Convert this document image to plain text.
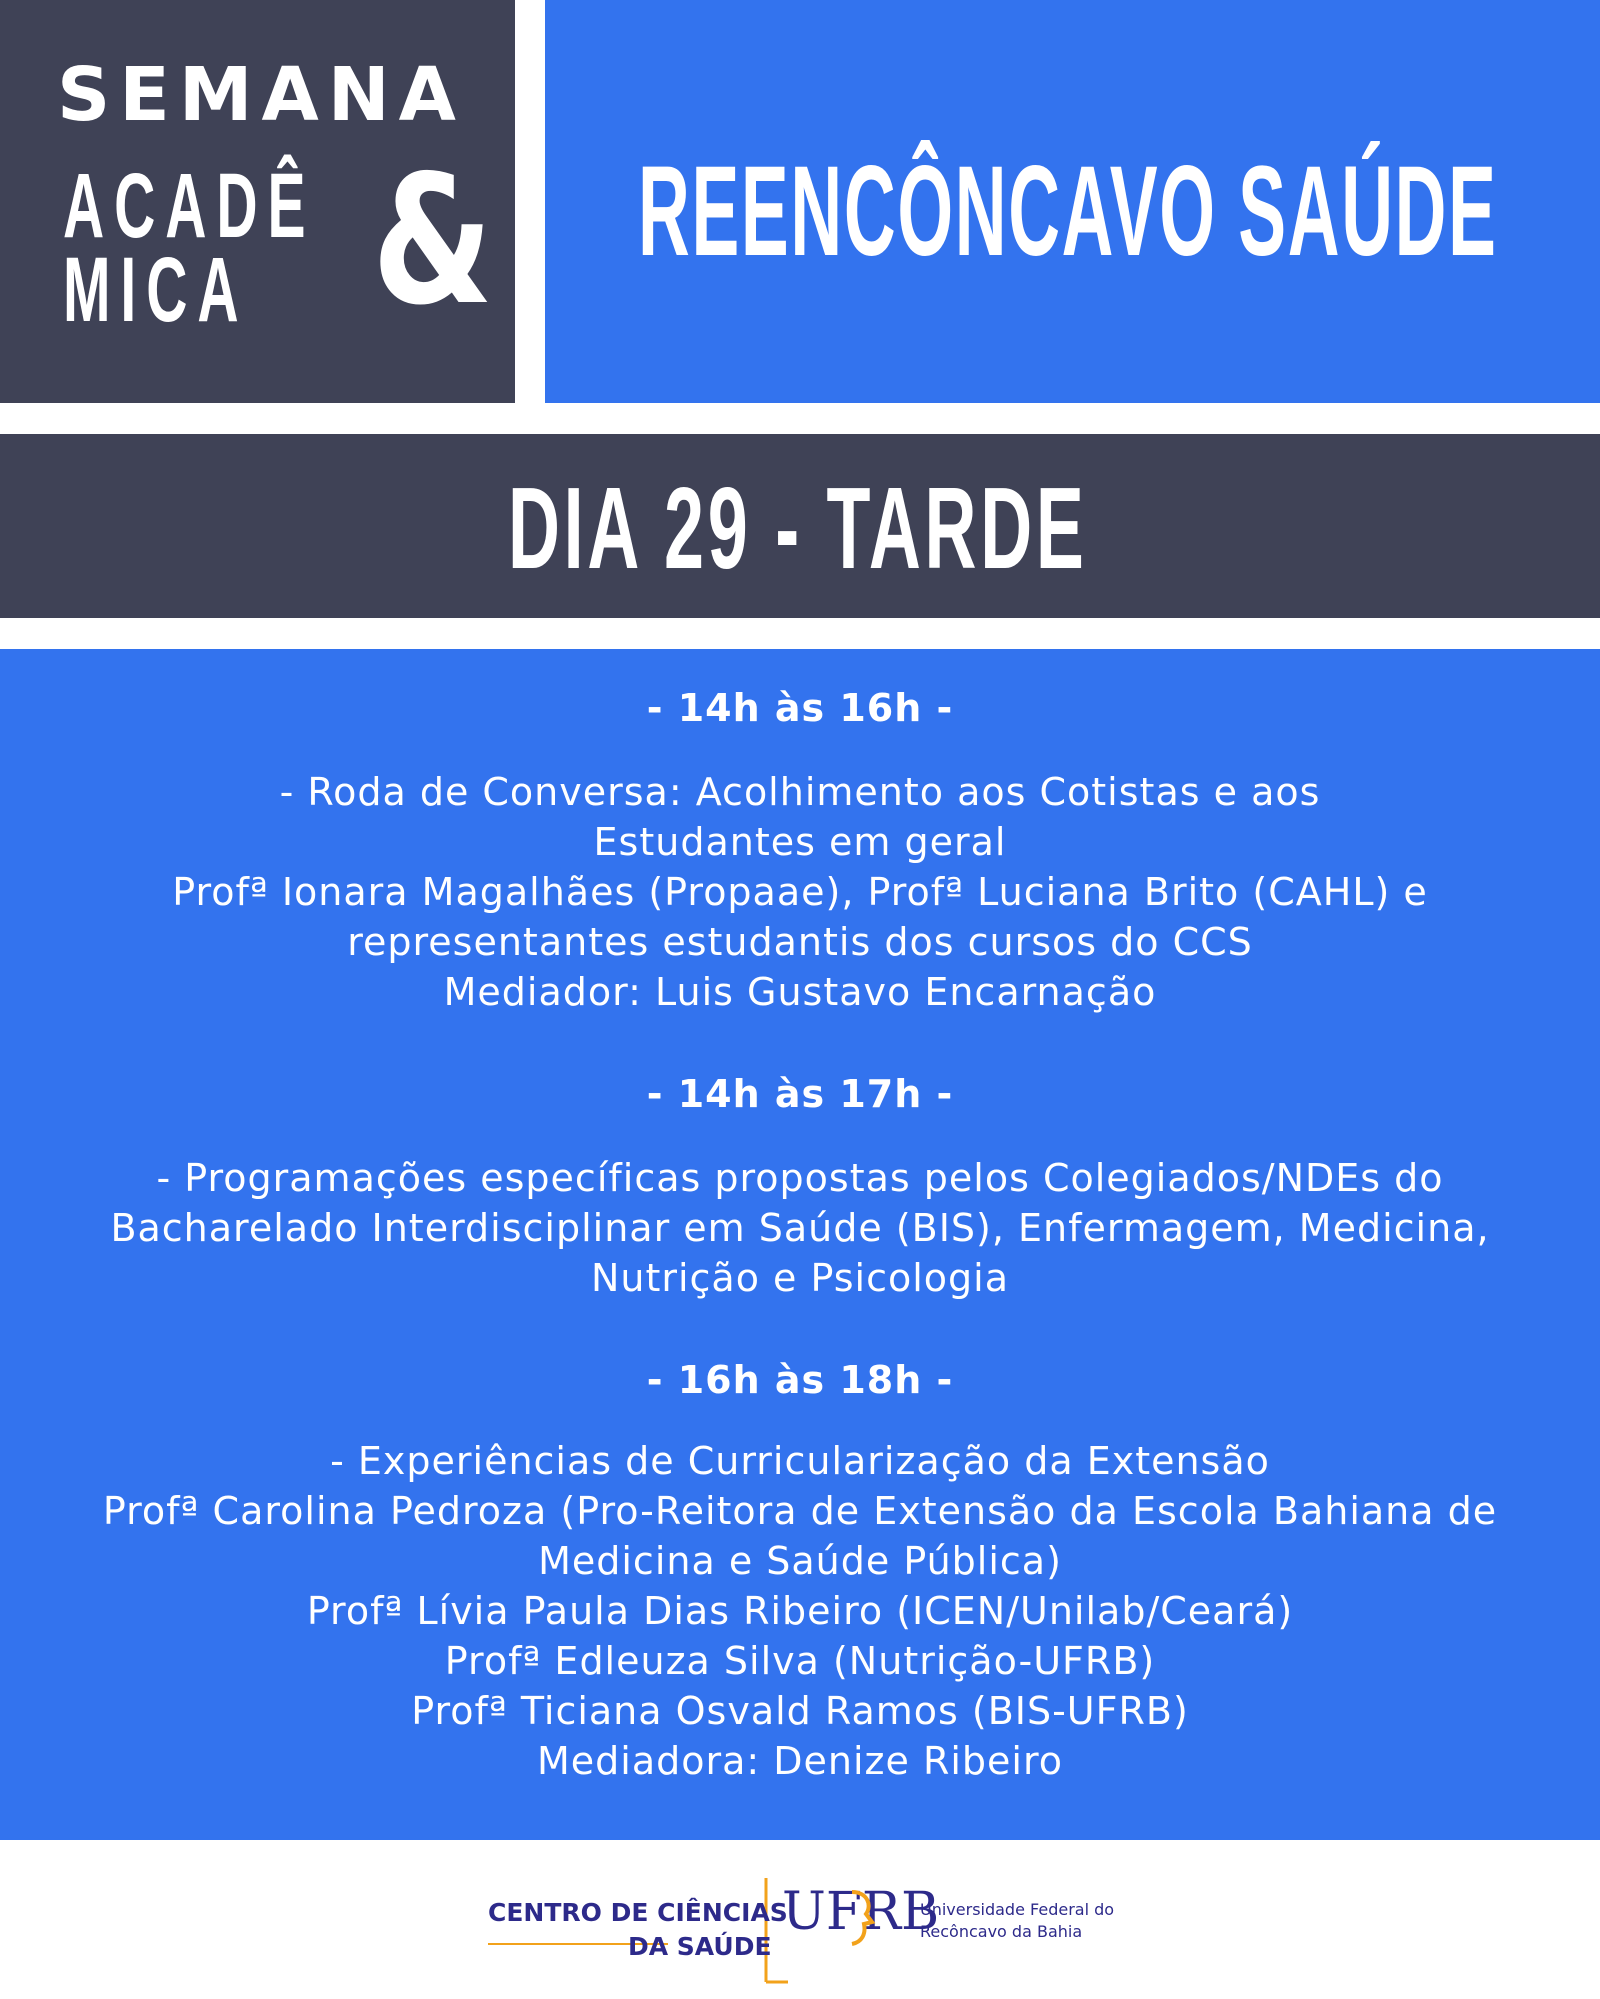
SEMANA
ACADÊ
MICA & REENCÔNCAVO SAÚDE
DIA 29 - TARDE
- 14h às 16h -
- Roda de Conversa: Acolhimento aos Cotistas e aos
Estudantes em geral
Profª Ionara Magalhães (Propaae), Profª Luciana Brito (CAHL) e
representantes estudantis dos cursos do CCS
Mediador: Luis Gustavo Encarnação
- 14h às 17h -
- Programações específicas propostas pelos Colegiados/NDEs do
Bacharelado Interdisciplinar em Saúde (BIS), Enfermagem, Medicina,
Nutrição e Psicologia
- 16h às 18h -
- Experiências de Curricularização da Extensão
Profª Carolina Pedroza (Pro-Reitora de Extensão da Escola Bahiana de
Medicina e Saúde Pública)
Profª Lívia Paula Dias Ribeiro (ICEN/Unilab/Ceará)
Profª Edleuza Silva (Nutrição-UFRB)
Profª Ticiana Osvald Ramos (BIS-UFRB)
Mediadora: Denize Ribeiro
CENTRO DE CIÊNCIAS
DA SAÚDE
UFRB
Universidade Federal do
Recôncavo da Bahia
